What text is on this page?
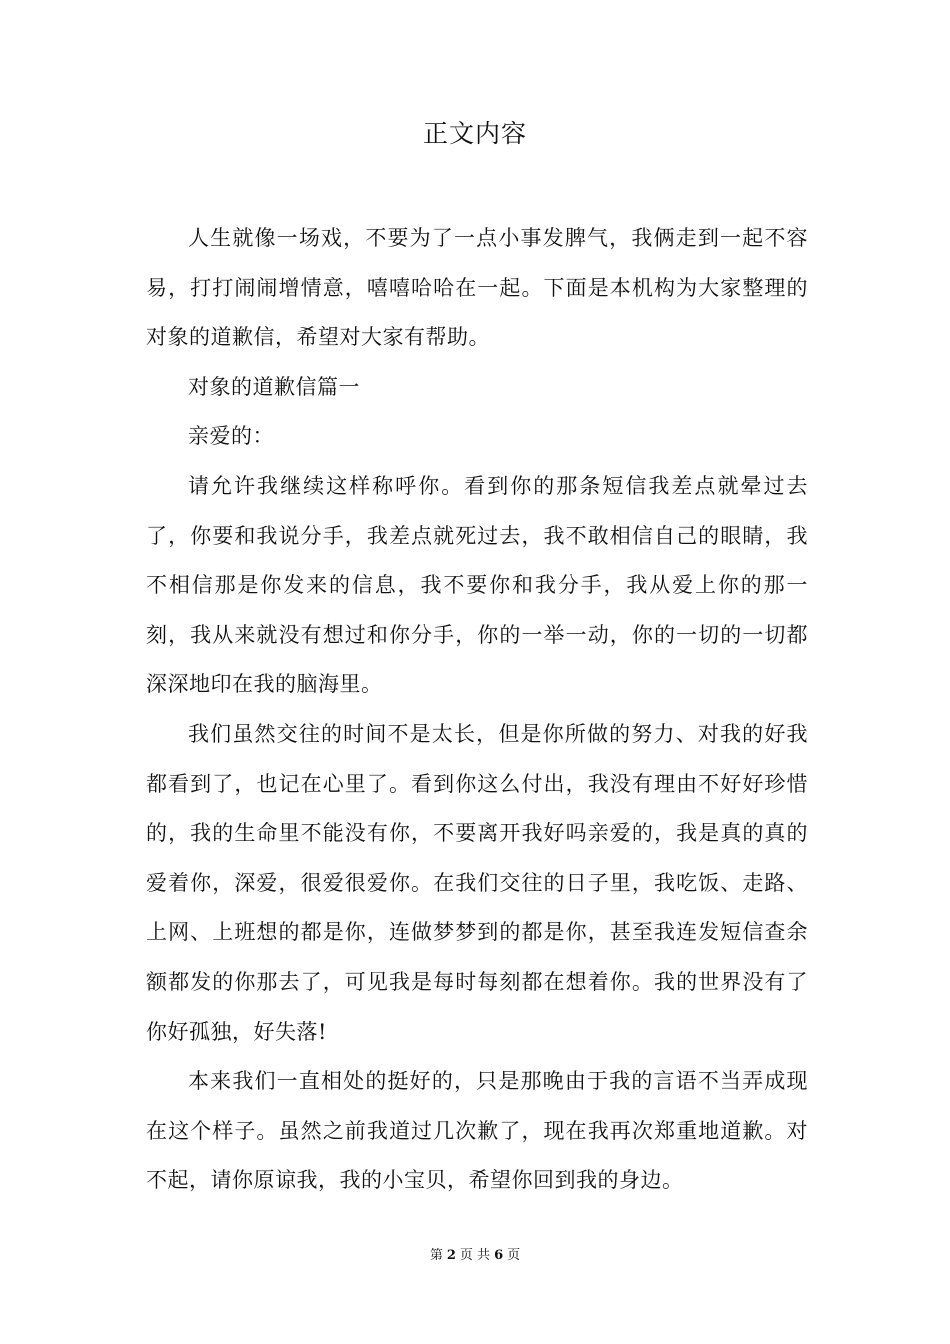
正文内容

人生就像一场戏，不要为了一点小事发脾气，我俩走到一起不容易，打打闹闹增情意，嘻嘻哈哈在一起。下面是本机构为大家整理的对象的道歉信，希望对大家有帮助。

对象的道歉信篇一

亲爱的：

请允许我继续这样称呼你。看到你的那条短信我差点就晕过去了，你要和我说分手，我差点就死过去，我不敢相信自己的眼睛，我不相信那是你发来的信息，我不要你和我分手，我从爱上你的那一刻，我从来就没有想过和你分手，你的一举一动，你的一切的一切都深深地印在我的脑海里。

我们虽然交往的时间不是太长，但是你所做的努力、对我的好我都看到了，也记在心里了。看到你这么付出，我没有理由不好好珍惜的，我的生命里不能没有你，不要离开我好吗亲爱的，我是真的真的爱着你，深爱，很爱很爱你。在我们交往的日子里，我吃饭、走路、上网、上班想的都是你，连做梦梦到的都是你，甚至我连发短信查余额都发的你那去了，可见我是每时每刻都在想着你。我的世界没有了你好孤独，好失落!

本来我们一直相处的挺好的，只是那晚由于我的言语不当弄成现在这个样子。虽然之前我道过几次歉了，现在我再次郑重地道歉。对不起，请你原谅我，我的小宝贝，希望你回到我的身边。

第 2 页 共 6 页
